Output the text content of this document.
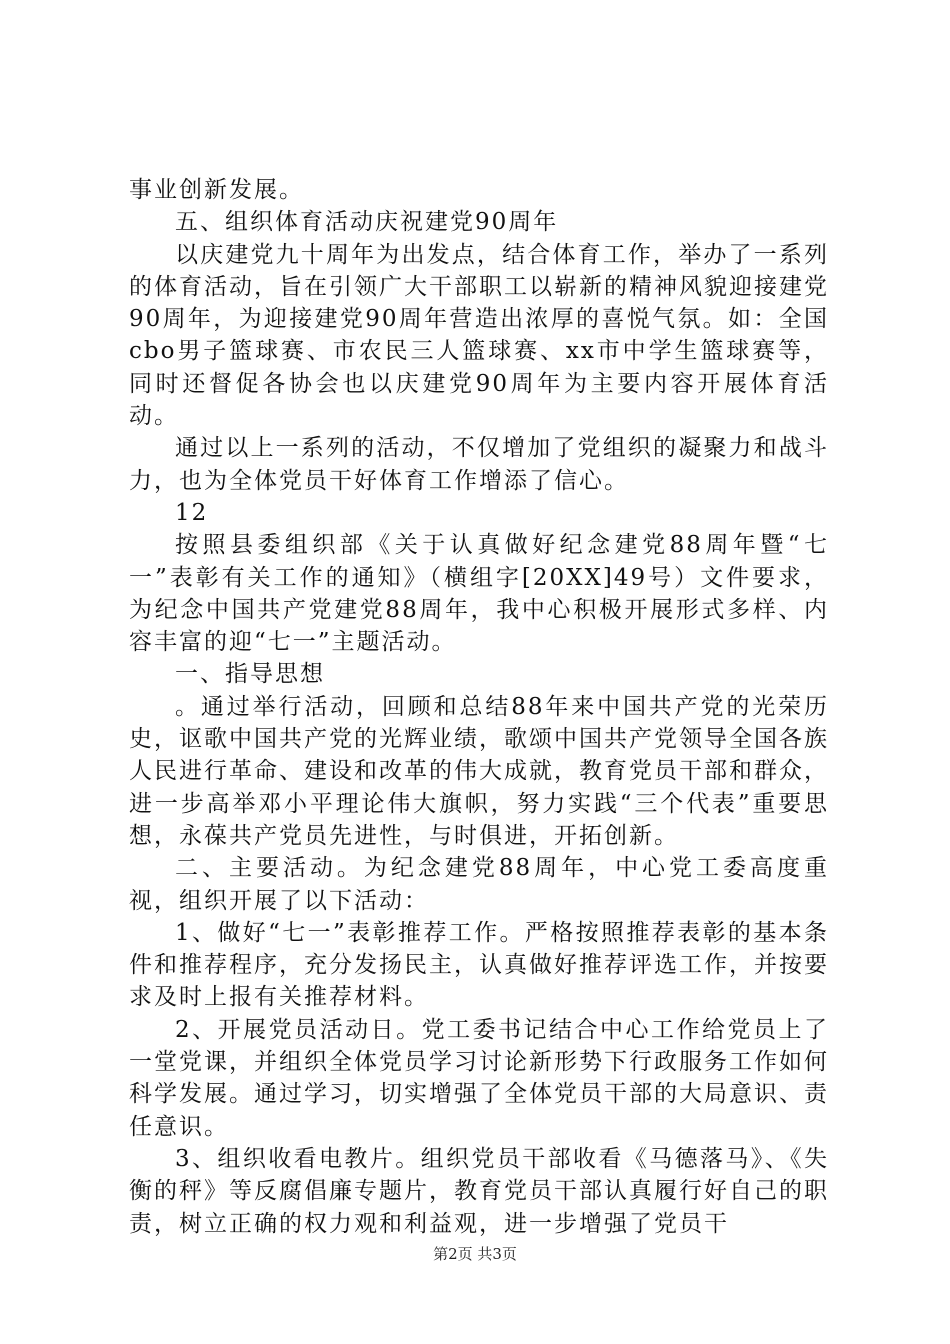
事业创新发展。

五、组织体育活动庆祝建党90周年

以庆建党九十周年为出发点，结合体育工作，举办了一系列的体育活动，旨在引领广大干部职工以崭新的精神风貌迎接建党90周年，为迎接建党90周年营造出浓厚的喜悦气氛。如：全国cbo男子篮球赛、市农民三人篮球赛、xx市中学生篮球赛等，同时还督促各协会也以庆建党90周年为主要内容开展体育活动。

通过以上一系列的活动，不仅增加了党组织的凝聚力和战斗力，也为全体党员干好体育工作增添了信心。

12

按照县委组织部《关于认真做好纪念建党88周年暨“七一”表彰有关工作的通知》（横组字[20XX]49号）文件要求，为纪念中国共产党建党88周年，我中心积极开展形式多样、内容丰富的迎“七一”主题活动。

一、指导思想

。通过举行活动，回顾和总结88年来中国共产党的光荣历史，讴歌中国共产党的光辉业绩，歌颂中国共产党领导全国各族人民进行革命、建设和改革的伟大成就，教育党员干部和群众，进一步高举邓小平理论伟大旗帜，努力实践“三个代表”重要思想，永葆共产党员先进性，与时俱进，开拓创新。

二、主要活动。为纪念建党88周年，中心党工委高度重视，组织开展了以下活动：

1、做好“七一”表彰推荐工作。严格按照推荐表彰的基本条件和推荐程序，充分发扬民主，认真做好推荐评选工作，并按要求及时上报有关推荐材料。

2、开展党员活动日。党工委书记结合中心工作给党员上了一堂党课，并组织全体党员学习讨论新形势下行政服务工作如何科学发展。通过学习，切实增强了全体党员干部的大局意识、责任意识。

3、组织收看电教片。组织党员干部收看《马德落马》、《失衡的秤》等反腐倡廉专题片，教育党员干部认真履行好自己的职责，树立正确的权力观和利益观，进一步增强了党员干

第2页 共3页
